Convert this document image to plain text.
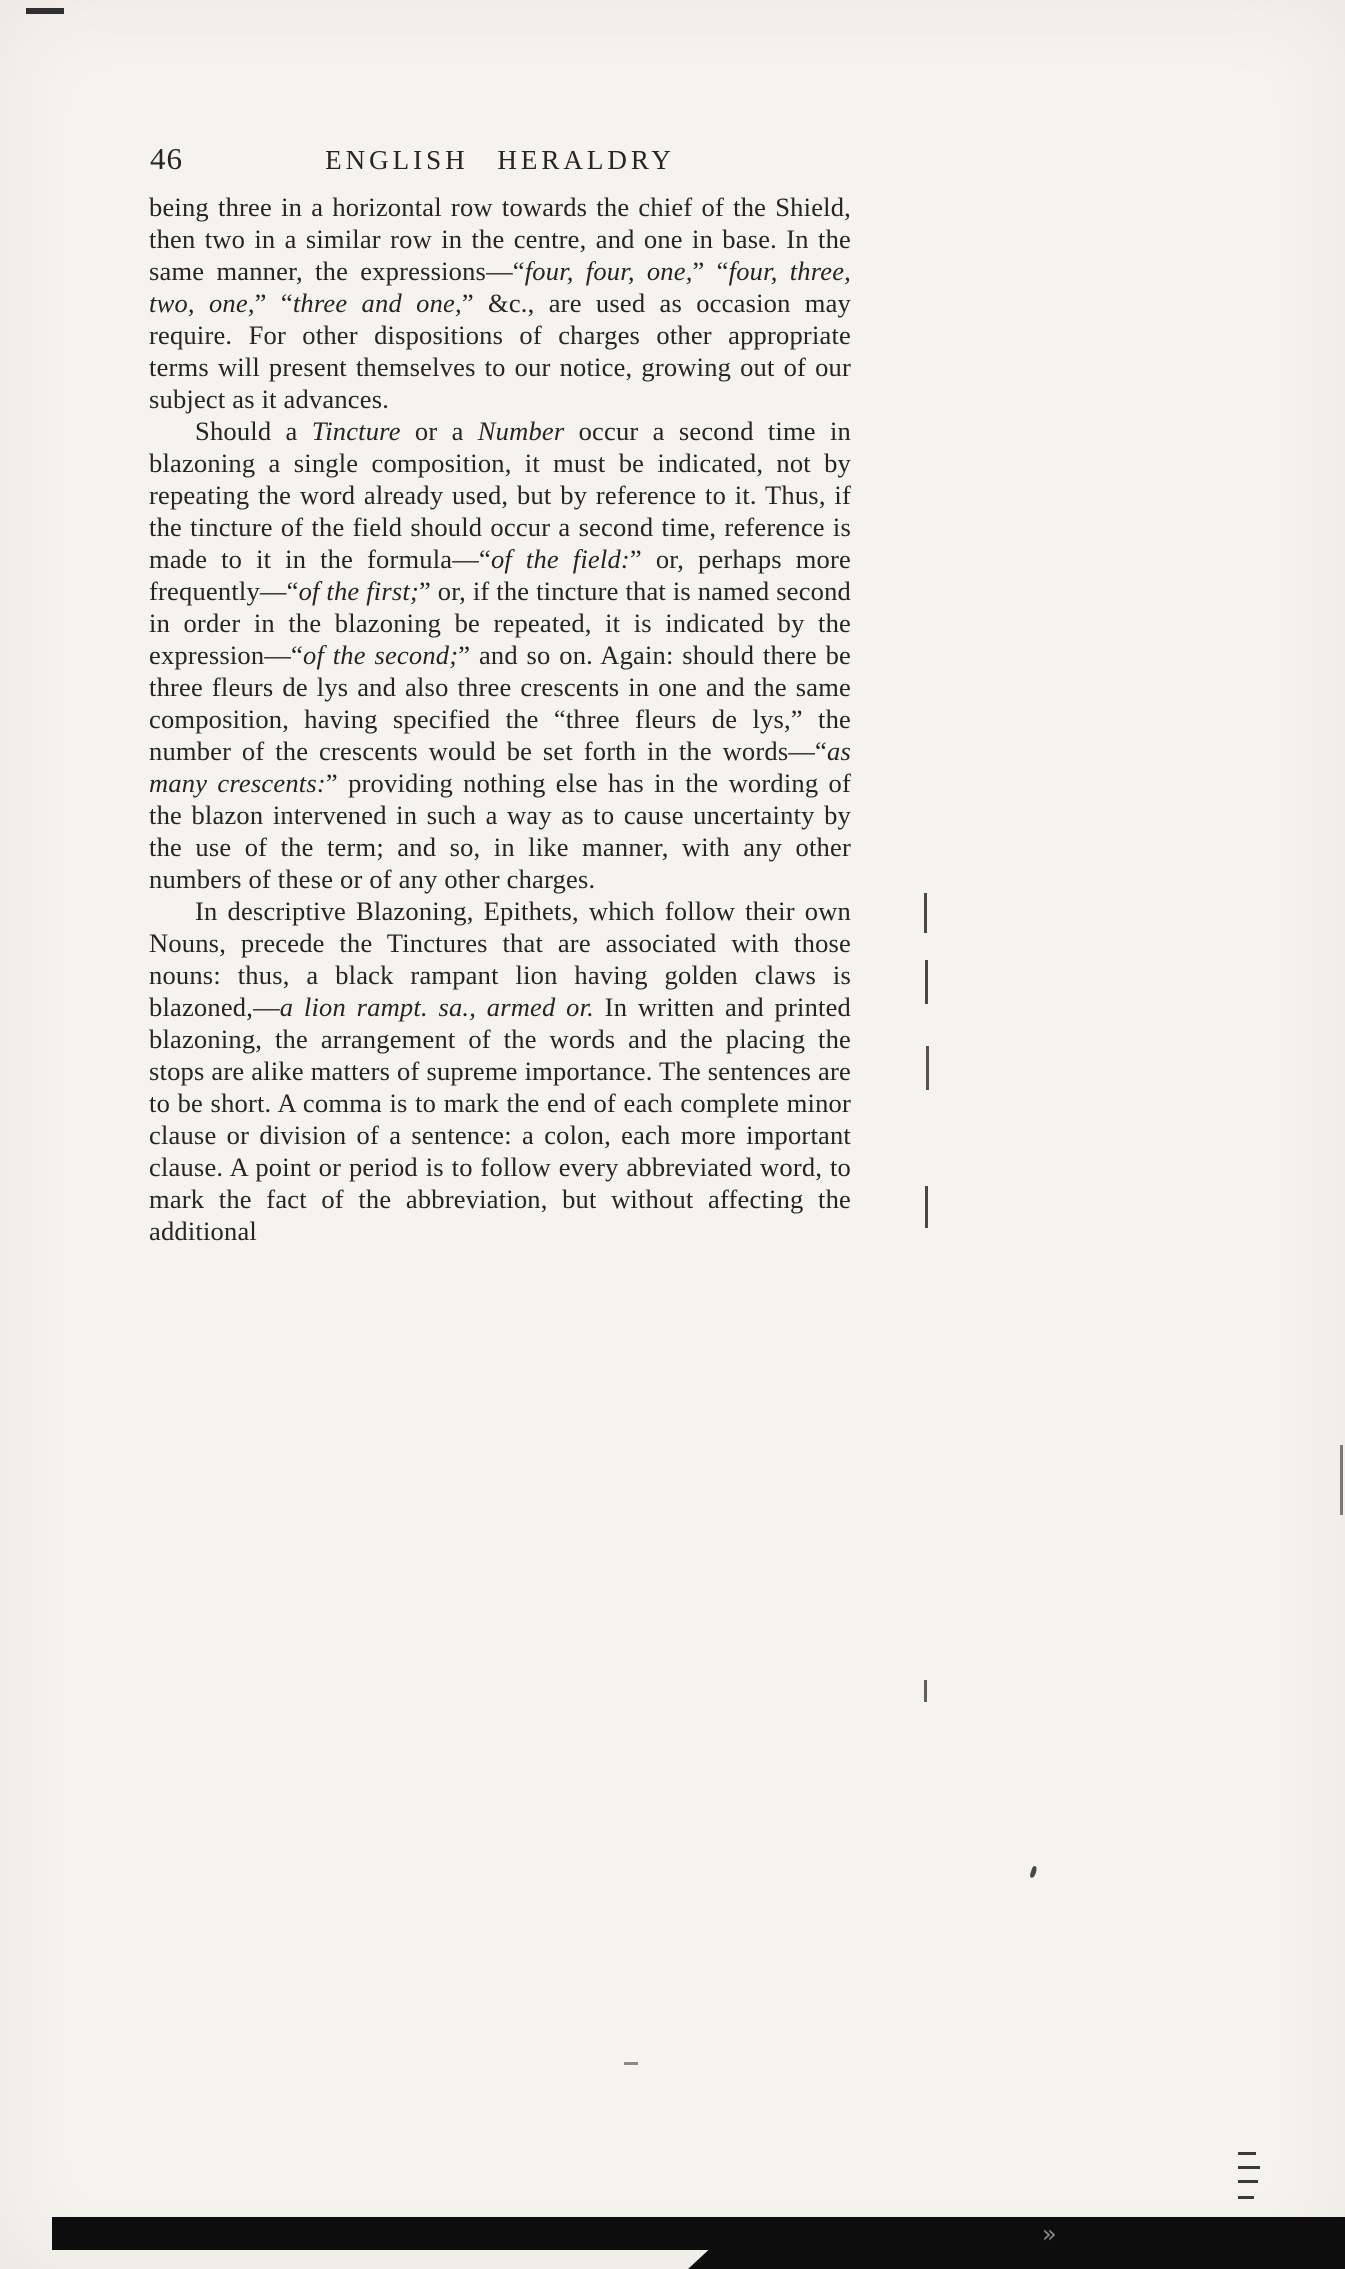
46	ENGLISH HERALDRY

being three in a horizontal row towards the chief of the Shield, then two in a similar row in the centre, and one in base. In the same manner, the expressions—“four, four, one,” “four, three, two, one,” “three and one,” &c., are used as occasion may require. For other dispositions of charges other appropriate terms will present themselves to our notice, growing out of our subject as it advances.

Should a Tincture or a Number occur a second time in blazoning a single composition, it must be indicated, not by repeating the word already used, but by reference to it. Thus, if the tincture of the field should occur a second time, reference is made to it in the formula—“of the field:” or, perhaps more frequently—“of the first;” or, if the tincture that is named second in order in the blazoning be repeated, it is indicated by the expression—“of the second;” and so on. Again: should there be three fleurs de lys and also three crescents in one and the same composition, having specified the “three fleurs de lys,” the number of the crescents would be set forth in the words—“as many crescents:” providing nothing else has in the wording of the blazon intervened in such a way as to cause uncertainty by the use of the term; and so, in like manner, with any other numbers of these or of any other charges.

In descriptive Blazoning, Epithets, which follow their own Nouns, precede the Tinctures that are associated with those nouns: thus, a black rampant lion having golden claws is blazoned,—a lion rampt. sa., armed or. In written and printed blazoning, the arrangement of the words and the placing the stops are alike matters of supreme importance. The sentences are to be short. A comma is to mark the end of each complete minor clause or division of a sentence: a colon, each more important clause. A point or period is to follow every abbreviated word, to mark the fact of the abbreviation, but without affecting the additional

»
